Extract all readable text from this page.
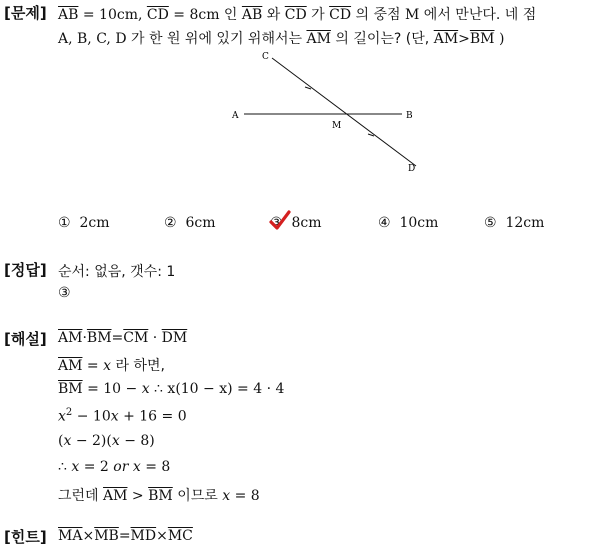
[문제] $\overline{AB} = 10cm$, $\overline{CD} = 8cm$ 인 $\overline{AB}$ 와 $\overline{CD}$ 가 $\overline{CD}$ 의 중점 M 에서 만난다. 네 점
A, B, C, D 가 한 원 위에 있기 위해서는 $\overline{AM}$ 의 길이는? (단, $\overline{AM}>\overline{BM}$ )
A	B
C
D
M
① 2cm	② 6cm	③ 8cm	④ 10cm	⑤ 12cm
[정답] 순서: 없음, 갯수: 1
③
[해설] $\overline{AM}\cdot\overline{BM}=\overline{CM} \cdot \overline{DM}$
$\overline{AM} = x$ 라 하면,
$\overline{BM} = 10 - x$ ∴ x(10 − x) = 4 · 4
$x^2 - 10x + 16 = 0$
(x − 2)(x − 8)
∴ x = 2 or x = 8
그런데 $\overline{AM} > \overline{BM}$ 이므로 x = 8
[힌트] $\overline{MA}\times\overline{MB}=\overline{MD}\times\overline{MC}$
